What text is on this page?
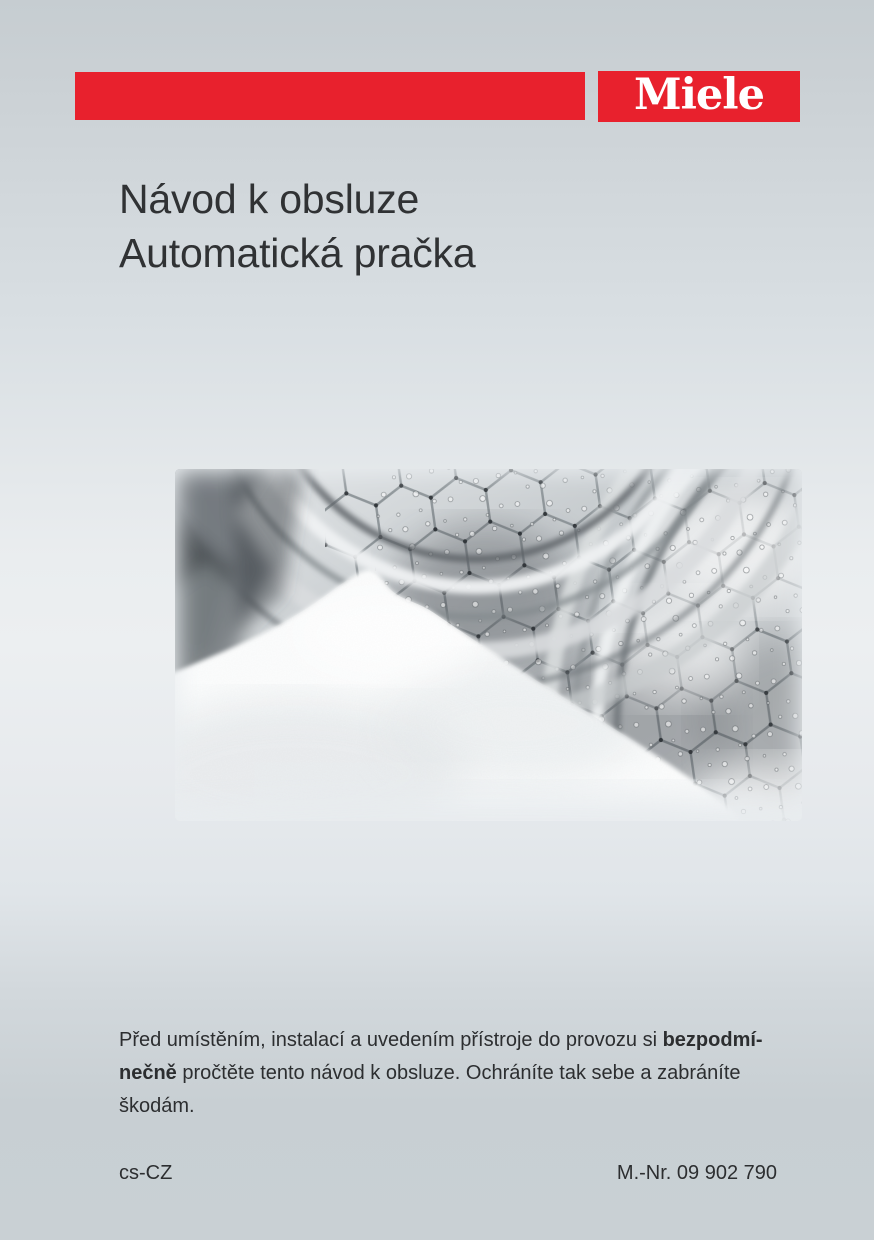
Miele
Návod k obsluze
Automatická pračka

Před umístěním, instalací a uvedením přístroje do provozu si bezpodmí-
nečně pročtěte tento návod k obsluze. Ochráníte tak sebe a zabráníte
škodám.

cs-CZ	M.-Nr. 09 902 790
